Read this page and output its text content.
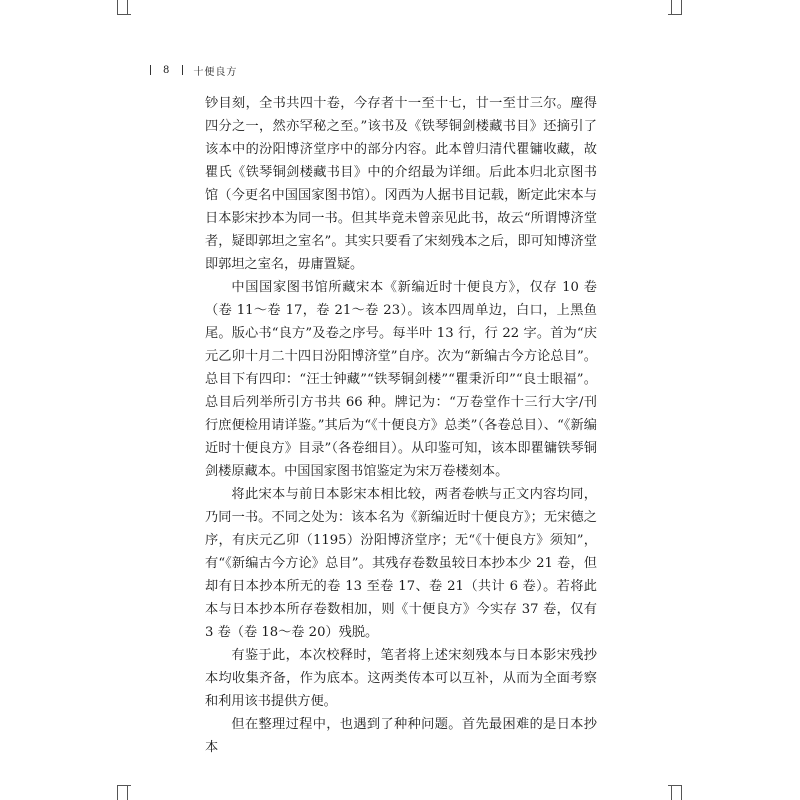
8 十便良方

钞目刻，全书共四十卷，今存者十一至十七，廿一至廿三尔。麈得四分之一，然亦罕秘之至。”该书及《铁琴铜剑楼藏书目》还摘引了该本中的汾阳博济堂序中的部分内容。此本曾归清代瞿镛收藏，故瞿氏《铁琴铜剑楼藏书目》中的介绍最为详细。后此本归北京图书馆（今更名中国国家图书馆）。冈西为人据书目记载，断定此宋本与日本影宋抄本为同一书。但其毕竟未曾亲见此书，故云“所谓博济堂者，疑即郭坦之室名”。其实只要看了宋刻残本之后，即可知博济堂即郭坦之室名，毋庸置疑。

中国国家图书馆所藏宋本《新编近时十便良方》，仅存 10 卷（卷 11～卷 17，卷 21～卷 23）。该本四周单边，白口，上黑鱼尾。版心书“良方”及卷之序号。每半叶 13 行，行 22 字。首为“庆元乙卯十月二十四日汾阳博济堂”自序。次为“新编古今方论总目”。总目下有四印：“汪士钟藏”“铁琴铜剑楼”“瞿秉沂印”“良士眼福”。总目后列举所引方书共 66 种。牌记为：“万卷堂作十三行大字/刊行庶便检用请详鉴。”其后为“《十便良方》总类”（各卷总目）、“《新编近时十便良方》目录”（各卷细目）。从印鉴可知，该本即瞿镛铁琴铜剑楼原藏本。中国国家图书馆鉴定为宋万卷楼刻本。

将此宋本与前日本影宋本相比较，两者卷帙与正文内容均同，乃同一书。不同之处为：该本名为《新编近时十便良方》；无宋德之序，有庆元乙卯（1195）汾阳博济堂序；无“《十便良方》须知”，有“《新编古今方论》总目”。其残存卷数虽较日本抄本少 21 卷，但却有日本抄本所无的卷 13 至卷 17、卷 21（共计 6 卷）。若将此本与日本抄本所存卷数相加，则《十便良方》今实存 37 卷，仅有 3 卷（卷 18～卷 20）残脱。

有鉴于此，本次校释时，笔者将上述宋刻残本与日本影宋残抄本均收集齐备，作为底本。这两类传本可以互补，从而为全面考察和利用该书提供方便。

但在整理过程中，也遇到了种种问题。首先最困难的是日本抄本
